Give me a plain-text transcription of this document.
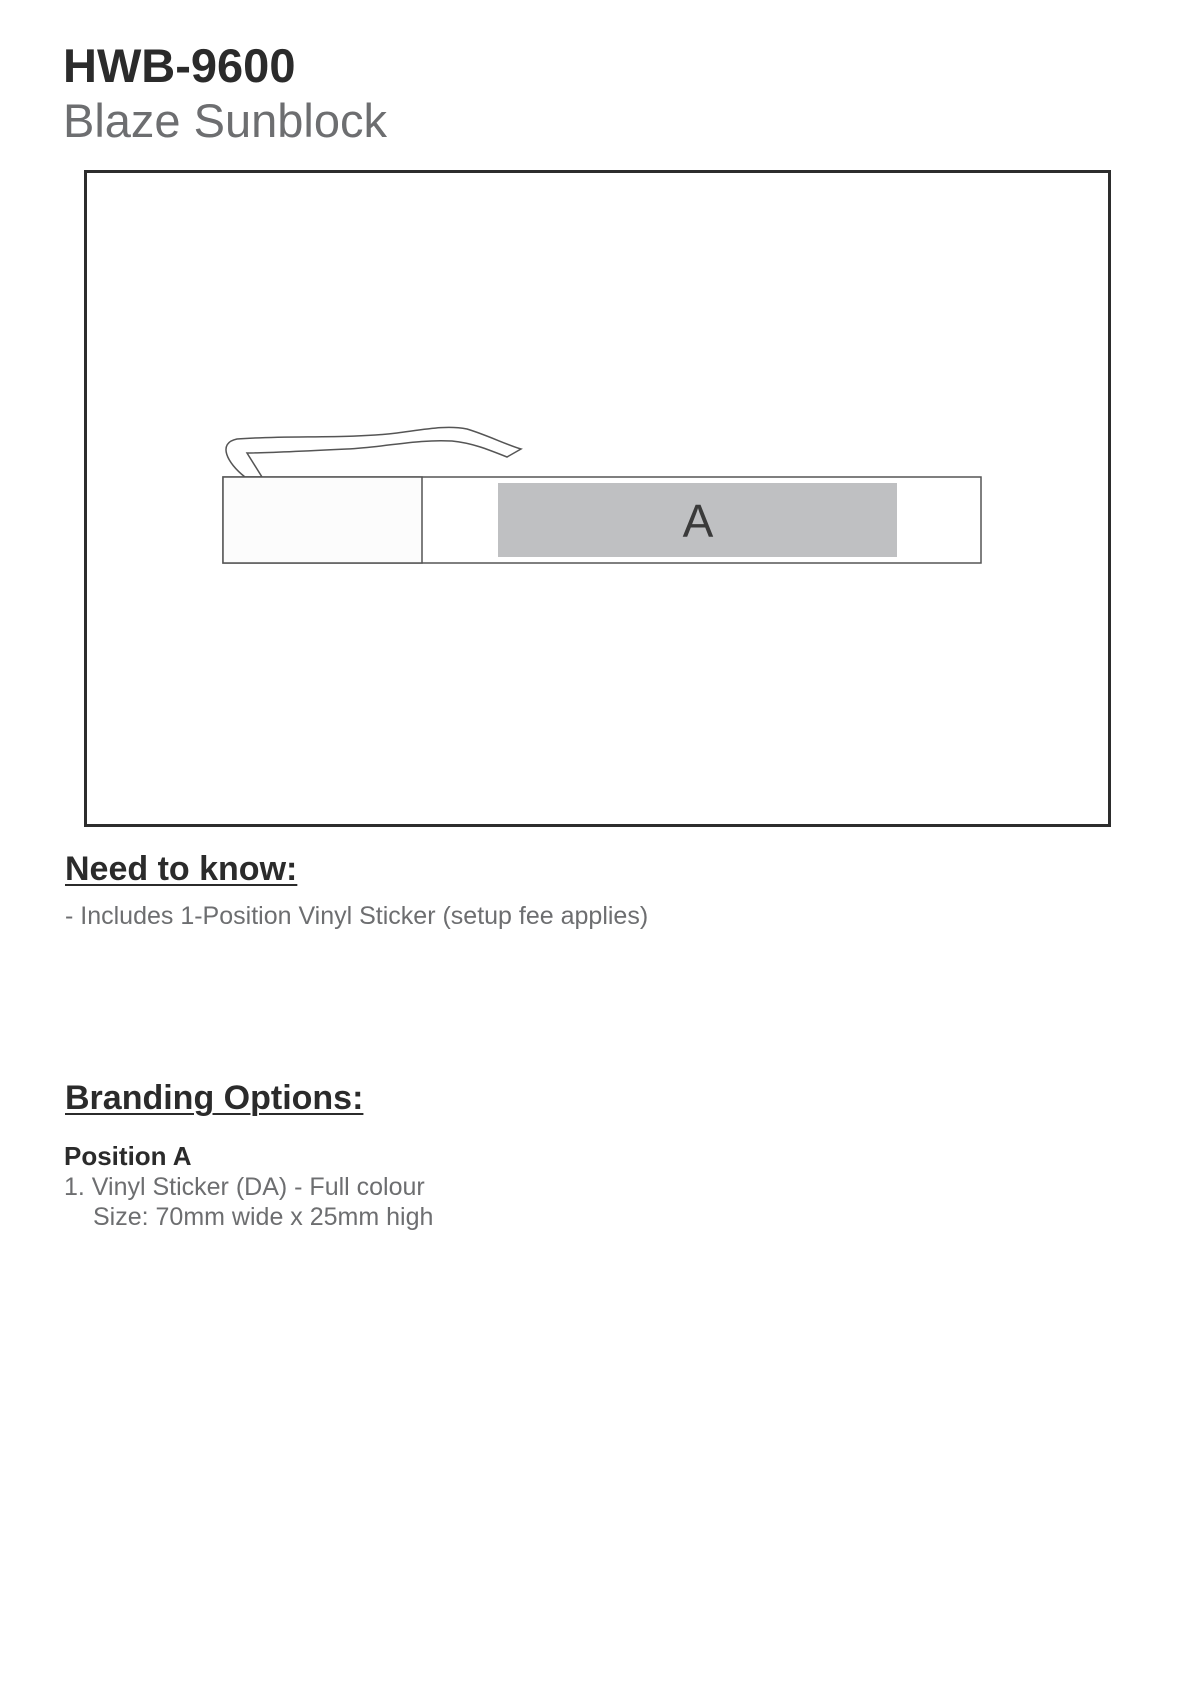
HWB-9600
Blaze Sunblock
A
Need to know:

- Includes 1-Position Vinyl Sticker (setup fee applies)

Branding Options:

Position A

1. Vinyl Sticker (DA) - Full colour

Size: 70mm wide x 25mm high
